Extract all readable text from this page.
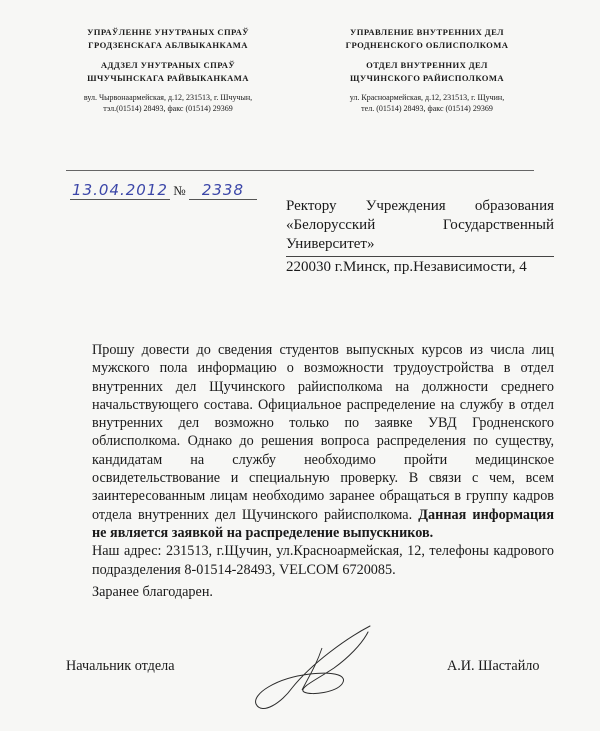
УПРАЎЛЕННЕ УНУТРАНЫХ СПРАЎ
ГРОДЗЕНСКАГА АБЛВЫКАНКАМА
АДДЗЕЛ УНУТРАНЫХ СПРАЎ
ШЧУЧЫНСКАГА РАЙВЫКАНКАМА
вул. Чырвонаармейская, д.12, 231513, г. Шчучын,
тэл.(01514) 28493, факс (01514) 29369
УПРАВЛЕНИЕ ВНУТРЕННИХ ДЕЛ
ГРОДНЕНСКОГО ОБЛИСПОЛКОМА
ОТДЕЛ ВНУТРЕННИХ ДЕЛ
ЩУЧИНСКОГО РАЙИСПОЛКОМА
ул. Красноармейская, д.12, 231513, г. Щучин,
тел. (01514) 28493, факс (01514) 29369
13.04.2012 № 2338
Ректору Учреждения образования
«Белорусский Государственный
Университет»
220030 г.Минск, пр.Независимости, 4

Прошу довести до сведения студентов выпускных курсов из числа лиц мужского пола информацию о возможности трудоустройства в отдел внутренних дел Щучинского райисполкома на должности среднего начальствующего состава. Официальное распределение на службу в отдел внутренних дел возможно только по заявке УВД Гродненского облисполкома. Однако до решения вопроса распределения по существу, кандидатам на службу необходимо пройти медицинское освидетельствование и специальную проверку. В связи с чем, всем заинтересованным лицам необходимо заранее обращаться в группу кадров отдела внутренних дел Щучинского райисполкома. Данная информация не является заявкой на распределение выпускников.

Наш адрес: 231513, г.Щучин, ул.Красноармейская, 12, телефоны кадрового подразделения 8-01514-28493, VELCOM 6720085.

Заранее благодарен.
Начальник отдела	А.И. Шастайло
